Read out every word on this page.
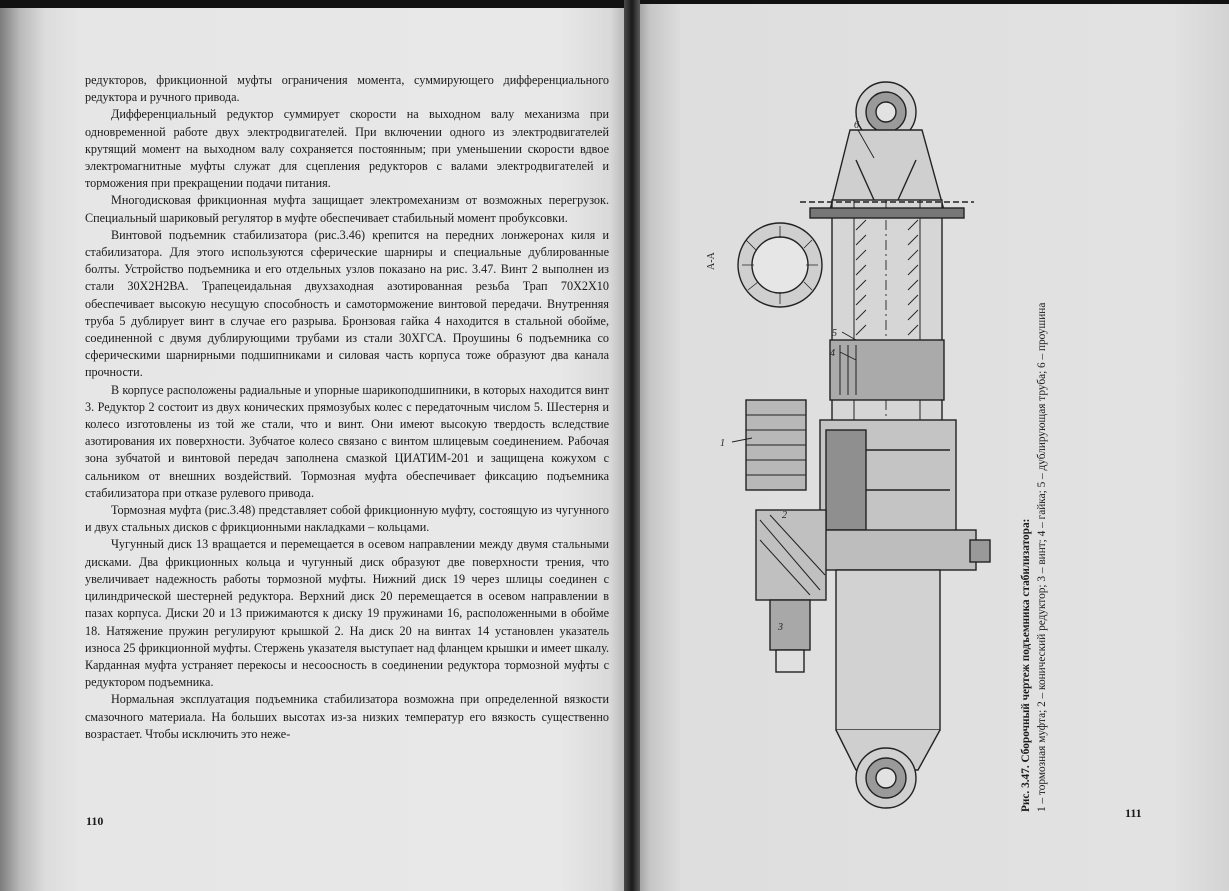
редукторов, фрикционной муфты ограничения момента, суммирующего дифференциального редуктора и ручного привода.

Дифференциальный редуктор суммирует скорости на выходном валу механизма при одновременной работе двух электродвигателей. При включении одного из электродвигателей крутящий момент на выходном валу сохраняется постоянным; при уменьшении скорости вдвое электромагнитные муфты служат для сцепления редукторов с валами электродвигателей и торможения при прекращении подачи питания.

Многодисковая фрикционная муфта защищает электромеханизм от возможных перегрузок. Специальный шариковый регулятор в муфте обеспечивает стабильный момент пробуксовки.

Винтовой подъемник стабилизатора (рис.3.46) крепится на передних лонжеронах киля и стабилизатора. Для этого используются сферические шарниры и специальные дублированные болты. Устройство подъемника и его отдельных узлов показано на рис. 3.47. Винт 2 выполнен из стали 30Х2Н2ВА. Трапецеидальная двухзаходная азотированная резьба Трап 70Х2Х10 обеспечивает высокую несущую способность и самоторможение винтовой передачи. Внутренняя труба 5 дублирует винт в случае его разрыва. Бронзовая гайка 4 находится в стальной обойме, соединенной с двумя дублирующими трубами из стали 30ХГСА. Проушины 6 подъемника со сферическими шарнирными подшипниками и силовая часть корпуса тоже образуют два канала прочности.

В корпусе расположены радиальные и упорные шарикоподшипники, в которых находится винт 3. Редуктор 2 состоит из двух конических прямозубых колес с передаточным числом 5. Шестерня и колесо изготовлены из той же стали, что и винт. Они имеют высокую твердость вследствие азотирования их поверхности. Зубчатое колесо связано с винтом шлицевым соединением. Рабочая зона зубчатой и винтовой передач заполнена смазкой ЦИАТИМ-201 и защищена кожухом с сальником от внешних воздействий. Тормозная муфта обеспечивает фиксацию подъемника стабилизатора при отказе рулевого привода.

Тормозная муфта (рис.3.48) представляет собой фрикционную муфту, состоящую из чугунного и двух стальных дисков с фрикционными накладками – кольцами.

Чугунный диск 13 вращается и перемещается в осевом направлении между двумя стальными дисками. Два фрикционных кольца и чугунный диск образуют две поверхности трения, что увеличивает надежность работы тормозной муфты. Нижний диск 19 через шлицы соединен с цилиндрической шестерней редуктора. Верхний диск 20 перемещается в осевом направлении в пазах корпуса. Диски 20 и 13 прижимаются к диску 19 пружинами 16, расположенными в обойме 18. Натяжение пружин регулируют крышкой 2. На диск 20 на винтах 14 установлен указатель износа 25 фрикционной муфты. Стержень указателя выступает над фланцем крышки и имеет шкалу. Карданная муфта устраняет перекосы и несоосность в соединении редуктора тормозной муфты с редуктором подъемника.

Нормальная эксплуатация подъемника стабилизатора возможна при определенной вязкости смазочного материала. На больших высотах из-за низких температур его вязкость существенно возрастает. Чтобы исключить это неже-

110
1
2
3
4
5
6
А-А
Рис. 3.47. Сборочный чертеж подъемника стабилизатора: 1 – тормозная муфта; 2 – конический редуктор; 3 – винт; 4 – гайка; 5 – дублирующая труба; 6 – проушина
111
